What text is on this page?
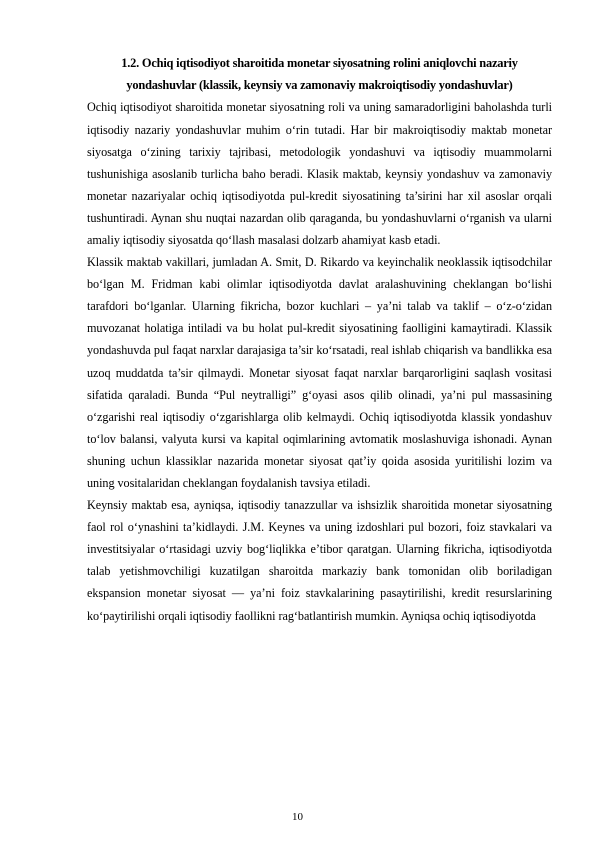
1.2. Ochiq iqtisodiyot sharoitida monetar siyosatning rolini aniqlovchi nazariy yondashuvlar (klassik, keynsiy va zamonaviy makroiqtisodiy yondashuvlar)

Ochiq iqtisodiyot sharoitida monetar siyosatning roli va uning samaradorligini baholashda turli iqtisodiy nazariy yondashuvlar muhim o‘rin tutadi. Har bir makroiqtisodiy maktab monetar siyosatga o‘zining tarixiy tajribasi, metodologik yondashuvi va iqtisodiy muammolarni tushunishiga asoslanib turlicha baho beradi. Klasik maktab, keynsiy yondashuv va zamonaviy monetar nazariyalar ochiq iqtisodiyotda pul-kredit siyosatining ta’sirini har xil asoslar orqali tushuntiradi. Aynan shu nuqtai nazardan olib qaraganda, bu yondashuvlarni o‘rganish va ularni amaliy iqtisodiy siyosatda qo‘llash masalasi dolzarb ahamiyat kasb etadi.

Klassik maktab vakillari, jumladan A. Smit, D. Rikardo va keyinchalik neoklassik iqtisodchilar bo‘lgan M. Fridman kabi olimlar iqtisodiyotda davlat aralashuvining cheklangan bo‘lishi tarafdori bo‘lganlar. Ularning fikricha, bozor kuchlari – ya’ni talab va taklif – o‘z-o‘zidan muvozanat holatiga intiladi va bu holat pul-kredit siyosatining faolligini kamaytiradi. Klassik yondashuvda pul faqat narxlar darajasiga ta’sir ko‘rsatadi, real ishlab chiqarish va bandlikka esa uzoq muddatda ta’sir qilmaydi. Monetar siyosat faqat narxlar barqarorligini saqlash vositasi sifatida qaraladi. Bunda “Pul neytralligi” g‘oyasi asos qilib olinadi, ya’ni pul massasining o‘zgarishi real iqtisodiy o‘zgarishlarga olib kelmaydi. Ochiq iqtisodiyotda klassik yondashuv to‘lov balansi, valyuta kursi va kapital oqimlarining avtomatik moslashuviga ishonadi. Aynan shuning uchun klassiklar nazarida monetar siyosat qat’iy qoida asosida yuritilishi lozim va uning vositalaridan cheklangan foydalanish tavsiya etiladi.

Keynsiy maktab esa, ayniqsa, iqtisodiy tanazzullar va ishsizlik sharoitida monetar siyosatning faol rol o‘ynashini ta’kidlaydi. J.M. Keynes va uning izdoshlari pul bozori, foiz stavkalari va investitsiyalar o‘rtasidagi uzviy bog‘liqlikka e’tibor qaratgan. Ularning fikricha, iqtisodiyotda talab yetishmovchiligi kuzatilgan sharoitda markaziy bank tomonidan olib boriladigan ekspansion monetar siyosat — ya’ni foiz stavkalarining pasaytirilishi, kredit resurslarining ko‘paytirilishi orqali iqtisodiy faollikni rag‘batlantirish mumkin. Ayniqsa ochiq iqtisodiyotda

10
